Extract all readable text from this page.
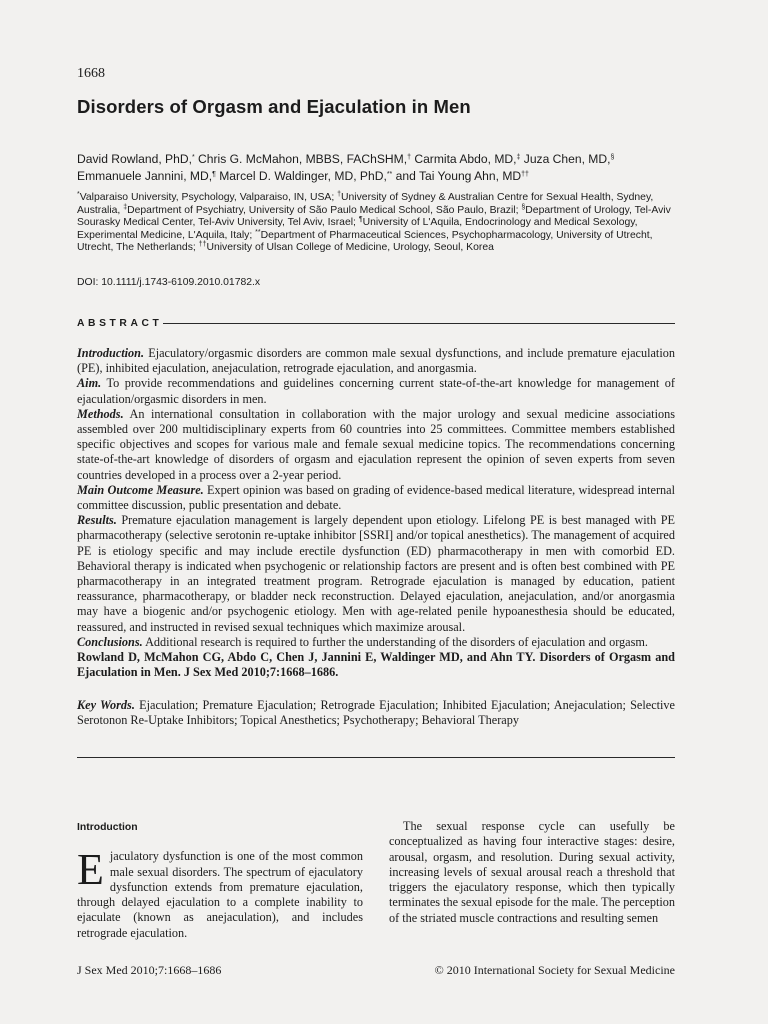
1668
Disorders of Orgasm and Ejaculation in Men
David Rowland, PhD,* Chris G. McMahon, MBBS, FAChSHM,† Carmita Abdo, MD,‡ Juza Chen, MD,§
Emmanuele Jannini, MD,¶ Marcel D. Waldinger, MD, PhD,** and Tai Young Ahn, MD††
*Valparaiso University, Psychology, Valparaiso, IN, USA; †University of Sydney & Australian Centre for Sexual Health, Sydney, Australia, ‡Department of Psychiatry, University of São Paulo Medical School, São Paulo, Brazil; §Department of Urology, Tel-Aviv Sourasky Medical Center, Tel-Aviv University, Tel Aviv, Israel; ¶University of L'Aquila, Endocrinology and Medical Sexology, Experimental Medicine, L'Aquila, Italy; **Department of Pharmaceutical Sciences, Psychopharmacology, University of Utrecht, Utrecht, The Netherlands; ††University of Ulsan College of Medicine, Urology, Seoul, Korea
DOI: 10.1111/j.1743-6109.2010.01782.x
ABSTRACT

Introduction. Ejaculatory/orgasmic disorders are common male sexual dysfunctions, and include premature ejaculation (PE), inhibited ejaculation, anejaculation, retrograde ejaculation, and anorgasmia.

Aim. To provide recommendations and guidelines concerning current state-of-the-art knowledge for management of ejaculation/orgasmic disorders in men.

Methods. An international consultation in collaboration with the major urology and sexual medicine associations assembled over 200 multidisciplinary experts from 60 countries into 25 committees. Committee members established specific objectives and scopes for various male and female sexual medicine topics. The recommendations concerning state-of-the-art knowledge of disorders of orgasm and ejaculation represent the opinion of seven experts from seven countries developed in a process over a 2-year period.

Main Outcome Measure. Expert opinion was based on grading of evidence-based medical literature, widespread internal committee discussion, public presentation and debate.

Results. Premature ejaculation management is largely dependent upon etiology. Lifelong PE is best managed with PE pharmacotherapy (selective serotonin re-uptake inhibitor [SSRI] and/or topical anesthetics). The management of acquired PE is etiology specific and may include erectile dysfunction (ED) pharmacotherapy in men with comorbid ED. Behavioral therapy is indicated when psychogenic or relationship factors are present and is often best combined with PE pharmacotherapy in an integrated treatment program. Retrograde ejaculation is managed by education, patient reassurance, pharmacotherapy, or bladder neck reconstruction. Delayed ejaculation, anejaculation, and/or anorgasmia may have a biogenic and/or psychogenic etiology. Men with age-related penile hypoanesthesia should be educated, reassured, and instructed in revised sexual techniques which maximize arousal.

Conclusions. Additional research is required to further the understanding of the disorders of ejaculation and orgasm.

Rowland D, McMahon CG, Abdo C, Chen J, Jannini E, Waldinger MD, and Ahn TY. Disorders of Orgasm and Ejaculation in Men. J Sex Med 2010;7:1668–1686.

Key Words. Ejaculation; Premature Ejaculation; Retrograde Ejaculation; Inhibited Ejaculation; Anejaculation; Selective Serotonon Re-Uptake Inhibitors; Topical Anesthetics; Psychotherapy; Behavioral Therapy
Introduction

Ejaculatory dysfunction is one of the most common male sexual disorders. The spectrum of ejaculatory dysfunction extends from premature ejaculation, through delayed ejaculation to a complete inability to ejaculate (known as anejaculation), and includes retrograde ejaculation.

The sexual response cycle can usefully be conceptualized as having four interactive stages: desire, arousal, orgasm, and resolution. During sexual activity, increasing levels of sexual arousal reach a threshold that triggers the ejaculatory response, which then typically terminates the sexual episode for the male. The perception of the striated muscle contractions and resulting semen

J Sex Med 2010;7:1668–1686	© 2010 International Society for Sexual Medicine
